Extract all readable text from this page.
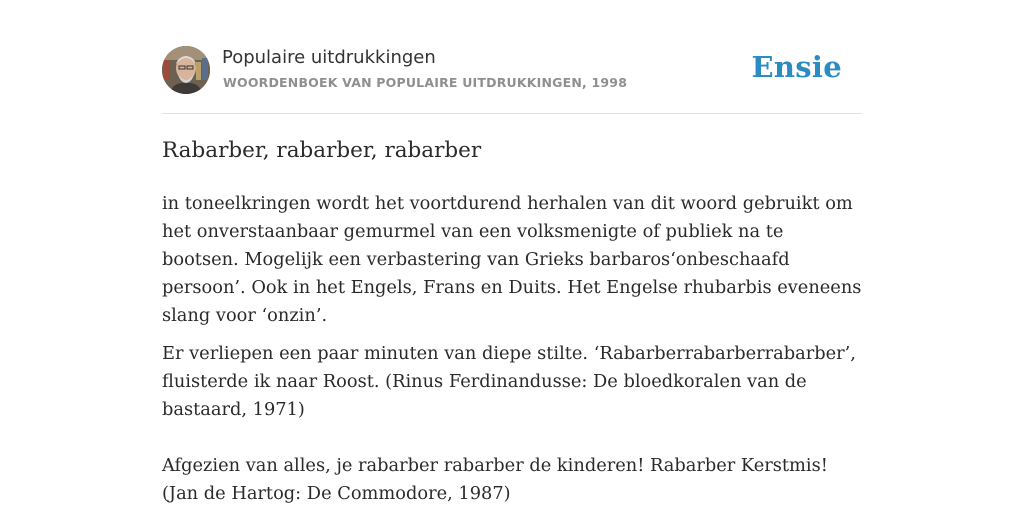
Populaire uitdrukkingen
WOORDENBOEK VAN POPULAIRE UITDRUKKINGEN, 1998	Ensie
Rabarber, rabarber, rabarber

in toneelkringen wordt het voortdurend herhalen van dit woord gebruikt om het onverstaanbaar gemurmel van een volksmenigte of publiek na te bootsen. Mogelijk een verbastering van Grieks barbaros‘onbeschaafd persoon’. Ook in het Engels, Frans en Duits. Het Engelse rhubarbis eveneens slang voor ‘onzin’.

Er verliepen een paar minuten van diepe stilte. ‘Rabarberrabarberrabarber’, fluisterde ik naar Roost. (Rinus Ferdinandusse: De bloedkoralen van de bastaard, 1971)

Afgezien van alles, je rabarber rabarber de kinderen! Rabarber Kerstmis! (Jan de Hartog: De Commodore, 1987)
